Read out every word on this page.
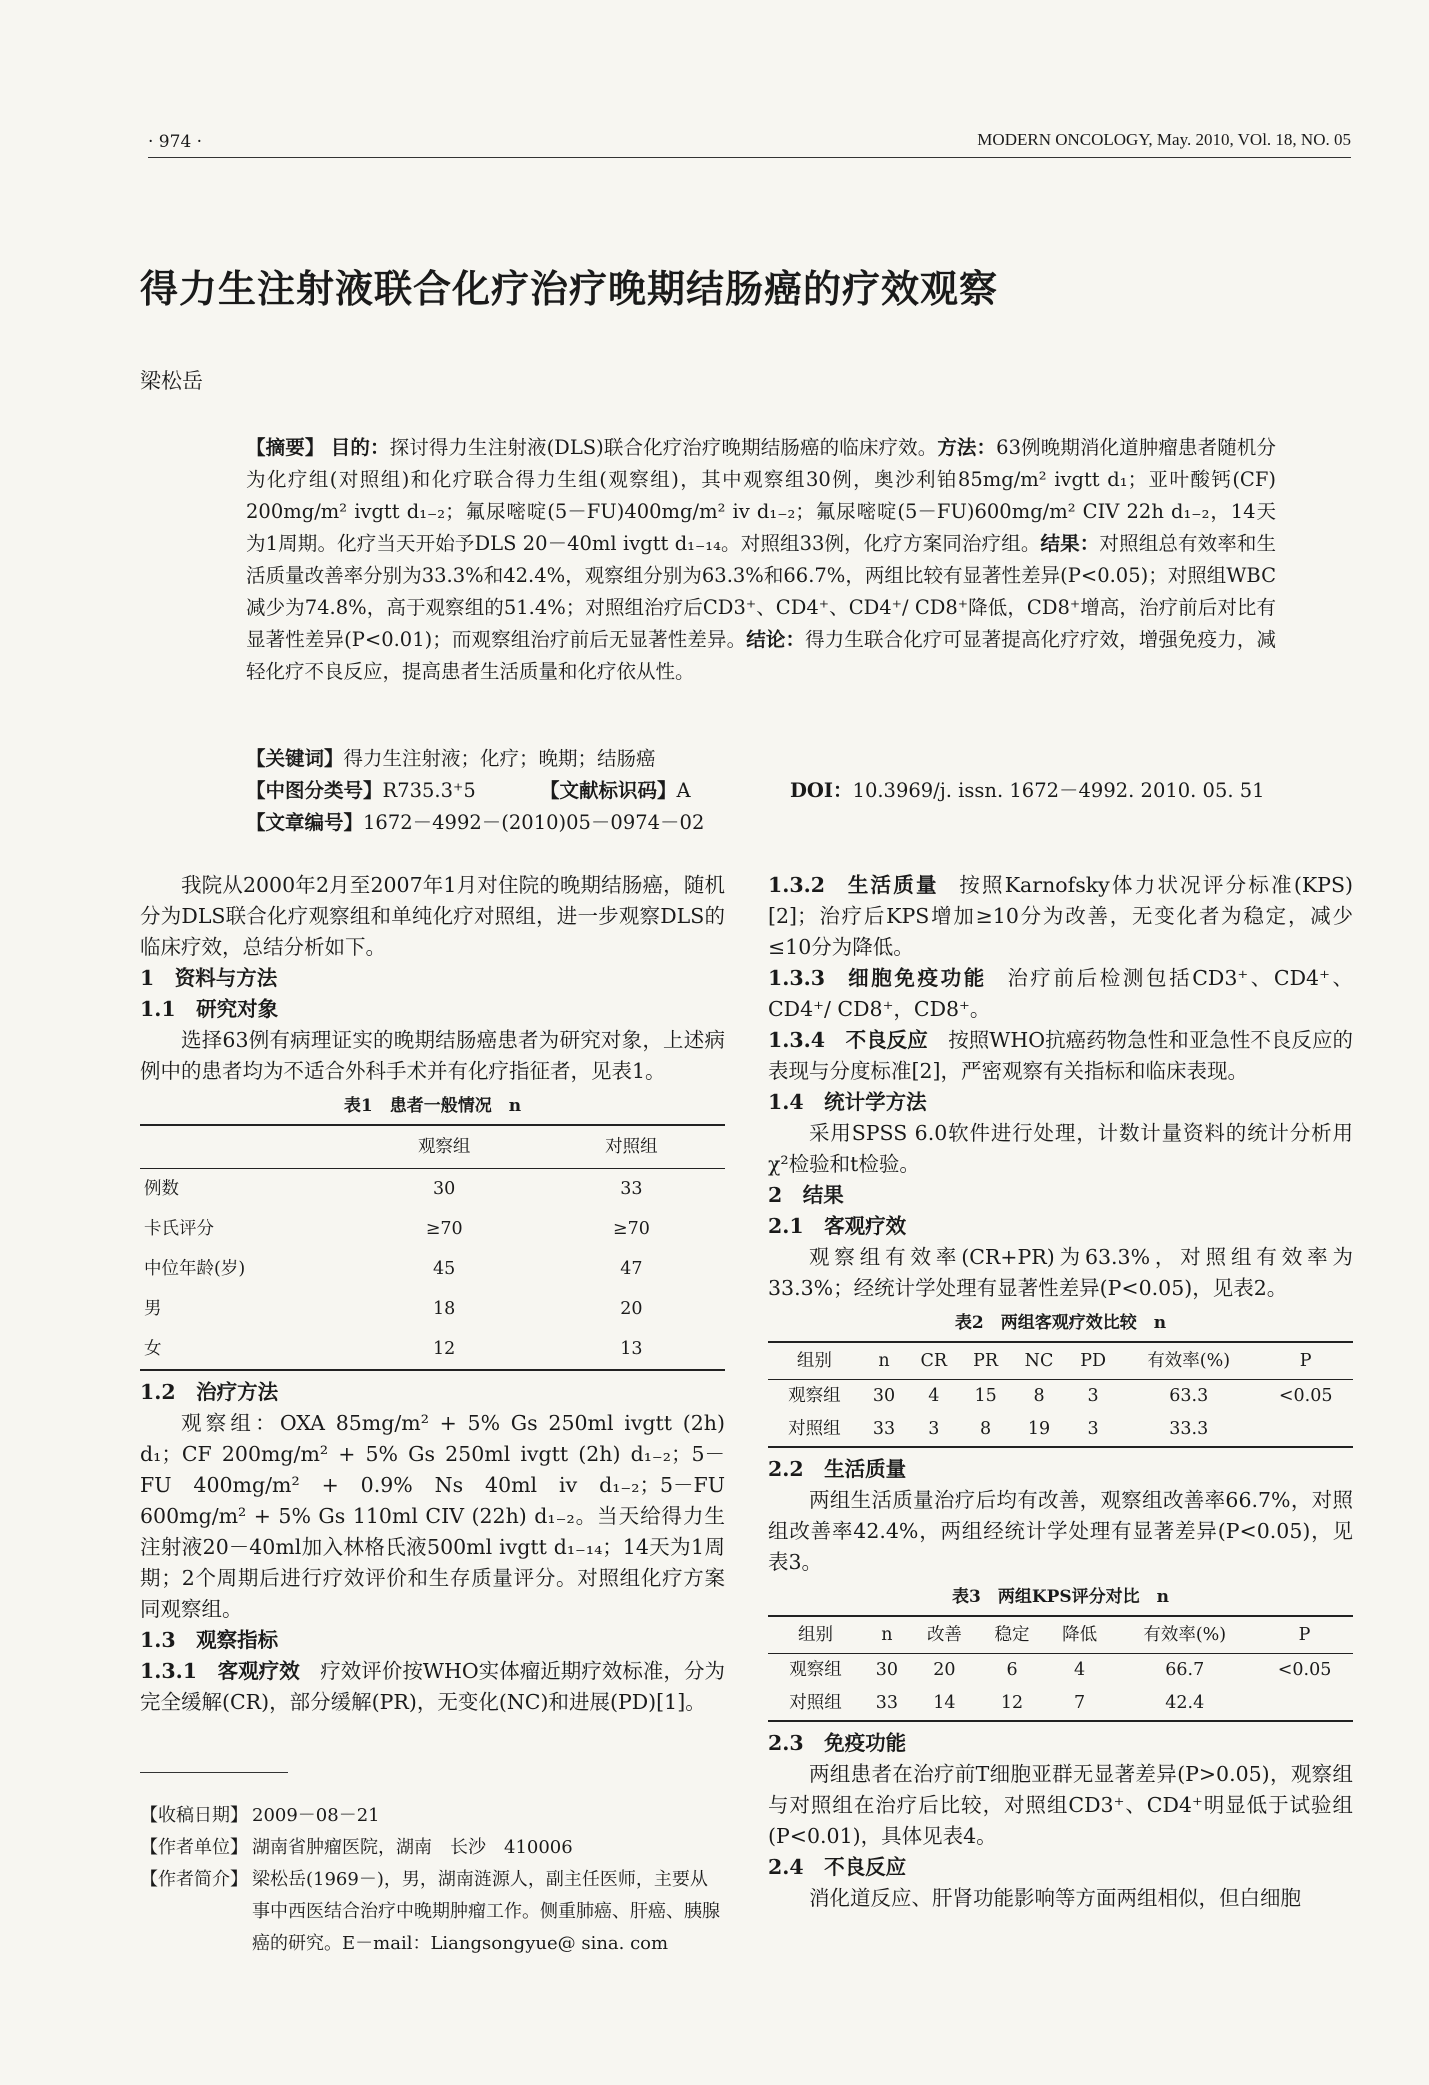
· 974 ·	MODERN ONCOLOGY, May. 2010, VOl. 18, NO. 05
得力生注射液联合化疗治疗晚期结肠癌的疗效观察
梁松岳
【摘要】 目的：探讨得力生注射液(DLS)联合化疗治疗晚期结肠癌的临床疗效。方法：63例晚期消化道肿瘤患者随机分为化疗组(对照组)和化疗联合得力生组(观察组)，其中观察组30例，奥沙利铂85mg/m² ivgtt d₁；亚叶酸钙(CF) 200mg/m² ivgtt d₁₋₂；氟尿嘧啶(5－FU)400mg/m² iv d₁₋₂；氟尿嘧啶(5－FU)600mg/m² CIV 22h d₁₋₂，14天为1周期。化疗当天开始予DLS 20－40ml ivgtt d₁₋₁₄。对照组33例，化疗方案同治疗组。结果：对照组总有效率和生活质量改善率分别为33.3%和42.4%，观察组分别为63.3%和66.7%，两组比较有显著性差异(P<0.05)；对照组WBC减少为74.8%，高于观察组的51.4%；对照组治疗后CD3⁺、CD4⁺、CD4⁺/ CD8⁺降低，CD8⁺增高，治疗前后对比有显著性差异(P<0.01)；而观察组治疗前后无显著性差异。结论：得力生联合化疗可显著提高化疗疗效，增强免疫力，减轻化疗不良反应，提高患者生活质量和化疗依从性。
【关键词】得力生注射液；化疗；晚期；结肠癌
【中图分类号】R735.3⁺5	【文献标识码】A	DOI：10.3969/j. issn. 1672－4992. 2010. 05. 51
【文章编号】1672－4992－(2010)05－0974－02

我院从2000年2月至2007年1月对住院的晚期结肠癌，随机分为DLS联合化疗观察组和单纯化疗对照组，进一步观察DLS的临床疗效，总结分析如下。

1 资料与方法
1.1 研究对象

选择63例有病理证实的晚期结肠癌患者为研究对象，上述病例中的患者均为不适合外科手术并有化疗指征者，见表1。

表1　患者一般情况　n
	观察组	对照组
例数	30	33
卡氏评分	≥70	≥70
中位年龄(岁)	45	47
男	18	20
女	12	13
1.2 治疗方法

观察组：OXA 85mg/m² + 5% Gs 250ml ivgtt (2h) d₁；CF 200mg/m² + 5% Gs 250ml ivgtt (2h) d₁₋₂；5－FU 400mg/m² + 0.9% Ns 40ml iv d₁₋₂；5－FU 600mg/m² + 5% Gs 110ml CIV (22h) d₁₋₂。当天给得力生注射液20－40ml加入林格氏液500ml ivgtt d₁₋₁₄；14天为1周期；2个周期后进行疗效评价和生存质量评分。对照组化疗方案同观察组。

1.3 观察指标

1.3.1 客观疗效 疗效评价按WHO实体瘤近期疗效标准，分为完全缓解(CR)，部分缓解(PR)，无变化(NC)和进展(PD)[1]。

【收稿日期】 2009－08－21
【作者单位】 湖南省肿瘤医院，湖南　长沙　410006
【作者简介】 梁松岳(1969－)，男，湖南涟源人，副主任医师，主要从事中西医结合治疗中晚期肿瘤工作。侧重肺癌、肝癌、胰腺癌的研究。E－mail：Liangsongyue@ sina. com

1.3.2 生活质量 按照Karnofsky体力状况评分标准(KPS)[2]；治疗后KPS增加≥10分为改善，无变化者为稳定，减少≤10分为降低。

1.3.3 细胞免疫功能 治疗前后检测包括CD3⁺、CD4⁺、CD4⁺/ CD8⁺，CD8⁺。

1.3.4 不良反应 按照WHO抗癌药物急性和亚急性不良反应的表现与分度标准[2]，严密观察有关指标和临床表现。

1.4 统计学方法

采用SPSS 6.0软件进行处理，计数计量资料的统计分析用χ²检验和t检验。

2 结果
2.1 客观疗效

观察组有效率(CR+PR)为63.3%，对照组有效率为33.3%；经统计学处理有显著性差异(P<0.05)，见表2。

表2　两组客观疗效比较　n
组别	n	CR	PR	NC	PD	有效率(%)	P
观察组	30	4	15	8	3	63.3	<0.05
对照组	33	3	8	19	3	33.3	
2.2 生活质量

两组生活质量治疗后均有改善，观察组改善率66.7%，对照组改善率42.4%，两组经统计学处理有显著差异(P<0.05)，见表3。

表3　两组KPS评分对比　n
组别	n	改善	稳定	降低	有效率(%)	P
观察组	30	20	6	4	66.7	<0.05
对照组	33	14	12	7	42.4	
2.3 免疫功能

两组患者在治疗前T细胞亚群无显著差异(P>0.05)，观察组与对照组在治疗后比较，对照组CD3⁺、CD4⁺明显低于试验组(P<0.01)，具体见表4。

2.4 不良反应

消化道反应、肝肾功能影响等方面两组相似，但白细胞
